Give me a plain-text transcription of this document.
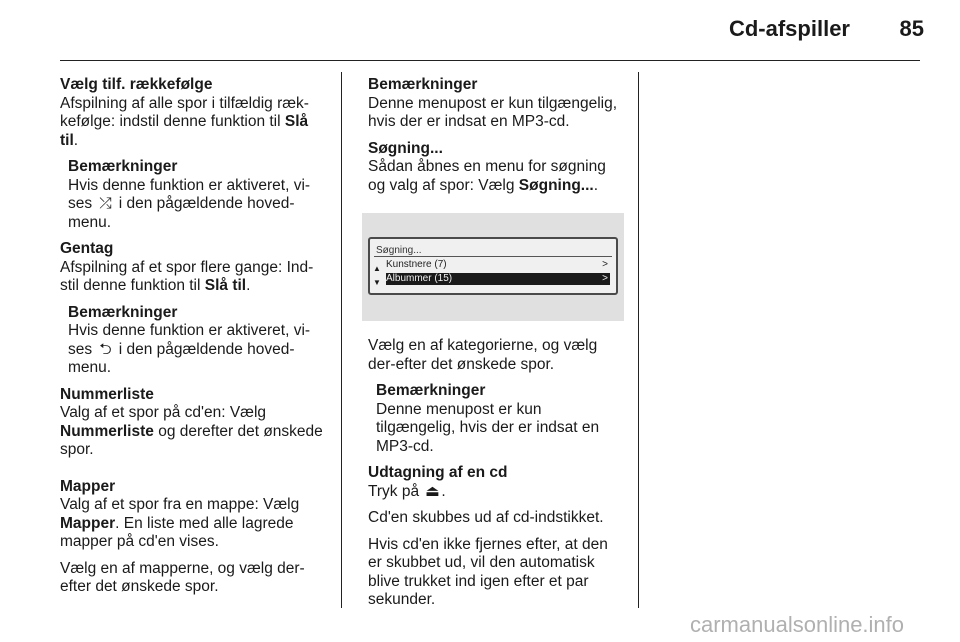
Cd-afspiller	85
Vælg tilf. rækkefølge
Afspilning af alle spor i tilfældig ræk-kefølge: indstil denne funktion til Slå til.
Bemærkninger
Hvis denne funktion er aktiveret, vi-ses ⤮ i den pågældende hoved-menu.
Gentag
Afspilning af et spor flere gange: Ind-stil denne funktion til Slå til.
Bemærkninger
Hvis denne funktion er aktiveret, vi-ses ⮌ i den pågældende hoved-menu.
Nummerliste
Valg af et spor på cd'en: Vælg Nummerliste og derefter det ønskede spor.
Mapper
Valg af et spor fra en mappe: Vælg Mapper. En liste med alle lagrede mapper på cd'en vises.
Vælg en af mapperne, og vælg der-efter det ønskede spor.
Bemærkninger
Denne menupost er kun tilgængelig, hvis der er indsat en MP3-cd.
Søgning...
Sådan åbnes en menu for søgning og valg af spor: Vælg Søgning....
Søgning...
▲ Kunstnere (7)	>
▼ Albummer (15)	>
Vælg en af kategorierne, og vælg der-efter det ønskede spor.
Bemærkninger
Denne menupost er kun tilgængelig, hvis der er indsat en MP3-cd.
Udtagning af en cd
Tryk på ⏏ .
Cd'en skubbes ud af cd-indstikket.
Hvis cd'en ikke fjernes efter, at den er skubbet ud, vil den automatisk blive trukket ind igen efter et par sekunder.
carmanualsonline.info
